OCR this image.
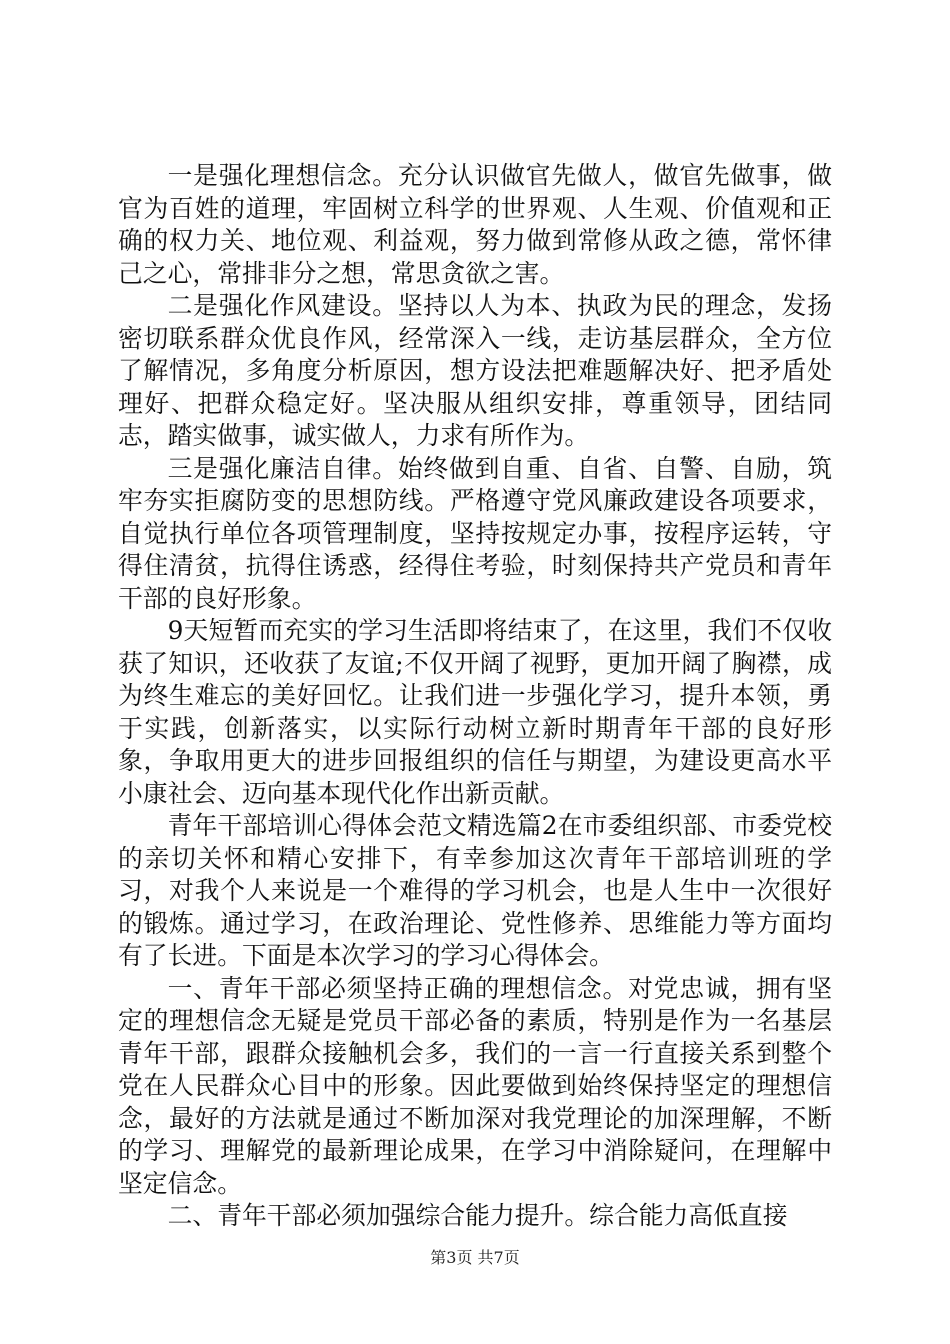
一是强化理想信念。充分认识做官先做人，做官先做事，做官为百姓的道理，牢固树立科学的世界观、人生观、价值观和正确的权力关、地位观、利益观，努力做到常修从政之德，常怀律己之心，常排非分之想，常思贪欲之害。

二是强化作风建设。坚持以人为本、执政为民的理念，发扬密切联系群众优良作风，经常深入一线，走访基层群众，全方位了解情况，多角度分析原因，想方设法把难题解决好、把矛盾处理好、把群众稳定好。坚决服从组织安排，尊重领导，团结同志，踏实做事，诚实做人，力求有所作为。

三是强化廉洁自律。始终做到自重、自省、自警、自励，筑牢夯实拒腐防变的思想防线。严格遵守党风廉政建设各项要求，自觉执行单位各项管理制度，坚持按规定办事，按程序运转，守得住清贫，抗得住诱惑，经得住考验，时刻保持共产党员和青年干部的良好形象。

9天短暂而充实的学习生活即将结束了，在这里，我们不仅收获了知识，还收获了友谊;不仅开阔了视野，更加开阔了胸襟，成为终生难忘的美好回忆。让我们进一步强化学习，提升本领，勇于实践，创新落实，以实际行动树立新时期青年干部的良好形象，争取用更大的进步回报组织的信任与期望，为建设更高水平小康社会、迈向基本现代化作出新贡献。

青年干部培训心得体会范文精选篇2在市委组织部、市委党校的亲切关怀和精心安排下，有幸参加这次青年干部培训班的学习，对我个人来说是一个难得的学习机会，也是人生中一次很好的锻炼。通过学习，在政治理论、党性修养、思维能力等方面均有了长进。下面是本次学习的学习心得体会。

一、青年干部必须坚持正确的理想信念。对党忠诚，拥有坚定的理想信念无疑是党员干部必备的素质，特别是作为一名基层青年干部，跟群众接触机会多，我们的一言一行直接关系到整个党在人民群众心目中的形象。因此要做到始终保持坚定的理想信念，最好的方法就是通过不断加深对我党理论的加深理解，不断的学习、理解党的最新理论成果，在学习中消除疑问，在理解中坚定信念。

二、青年干部必须加强综合能力提升。综合能力高低直接

第3页 共7页
